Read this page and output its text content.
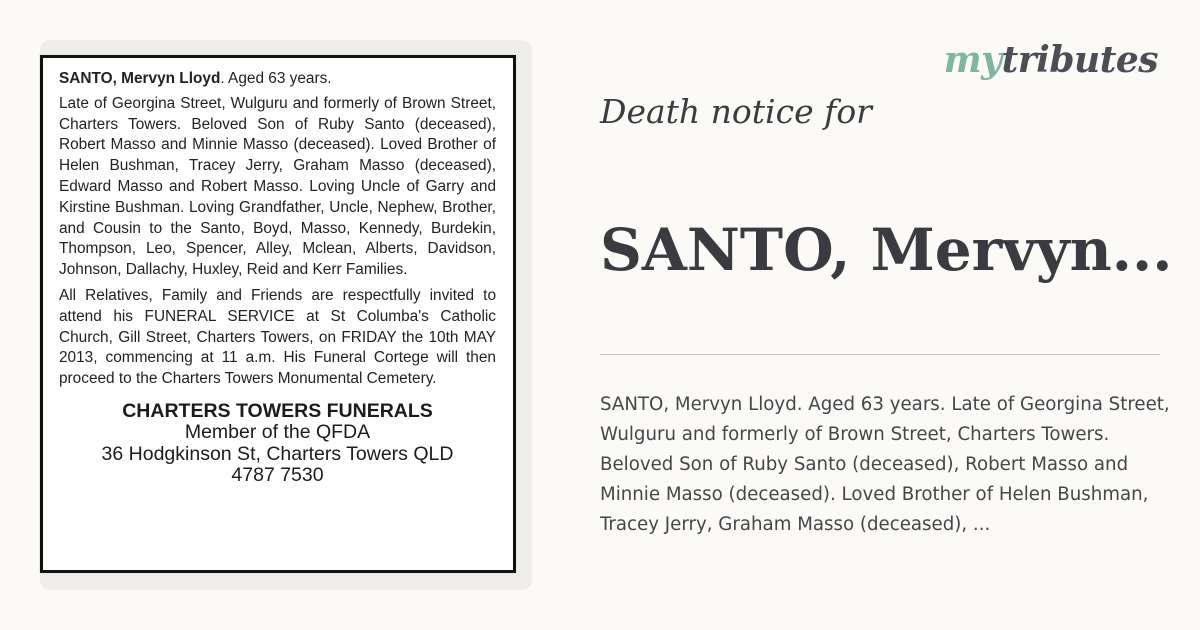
SANTO, Mervyn Lloyd. Aged 63 years.

Late of Georgina Street, Wulguru and formerly of Brown Street, Charters Towers. Beloved Son of Ruby Santo (deceased), Robert Masso and Minnie Masso (deceased). Loved Brother of Helen Bushman, Tracey Jerry, Graham Masso (deceased), Edward Masso and Robert Masso. Loving Uncle of Garry and Kirstine Bushman. Loving Grandfather, Uncle, Nephew, Brother, and Cousin to the Santo, Boyd, Masso, Kennedy, Burdekin, Thompson, Leo, Spencer, Alley, Mclean, Alberts, Davidson, Johnson, Dallachy, Huxley, Reid and Kerr Families.

All Relatives, Family and Friends are respectfully invited to attend his FUNERAL SERVICE at St Columba's Catholic Church, Gill Street, Charters Towers, on FRIDAY the 10th MAY 2013, commencing at 11 a.m. His Funeral Cortege will then proceed to the Charters Towers Monumental Cemetery.

CHARTERS TOWERS FUNERALS
Member of the QFDA
36 Hodgkinson St, Charters Towers QLD
4787 7530
mytributes
Death notice for
SANTO, Mervyn...
SANTO, Mervyn Lloyd. Aged 63 years. Late of Georgina Street, Wulguru and formerly of Brown Street, Charters Towers. Beloved Son of Ruby Santo (deceased), Robert Masso and Minnie Masso (deceased). Loved Brother of Helen Bushman, Tracey Jerry, Graham Masso (deceased), ...
